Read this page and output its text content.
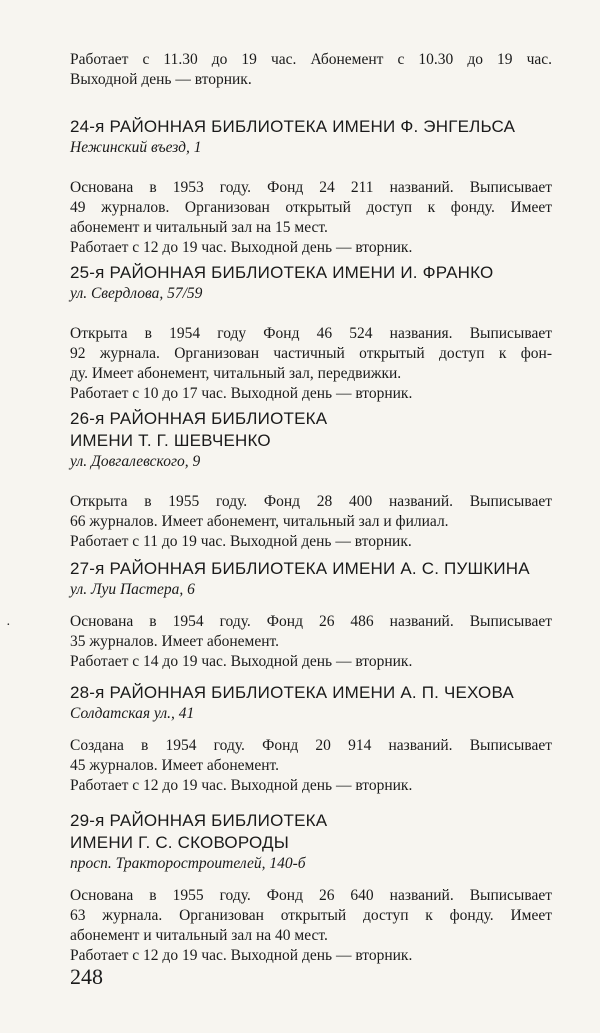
Работает с 11.30 до 19 час. Абонемент с 10.30 до 19 час.
Выходной день — вторник.

24-я РАЙОННАЯ БИБЛИОТЕКА ИМЕНИ Ф. ЭНГЕЛЬСА

Нежинский въезд, 1

Основана в 1953 году. Фонд 24 211 названий. Выписывает
49 журналов. Организован открытый доступ к фонду. Имеет
абонемент и читальный зал на 15 мест.
Работает с 12 до 19 час. Выходной день — вторник.

25-я РАЙОННАЯ БИБЛИОТЕКА ИМЕНИ И. ФРАНКО

ул. Свердлова, 57/59

Открыта в 1954 году Фонд 46 524 названия. Выписывает
92 журнала. Организован частичный открытый доступ к фон-
ду. Имеет абонемент, читальный зал, передвижки.
Работает с 10 до 17 час. Выходной день — вторник.

26-я РАЙОННАЯ БИБЛИОТЕКА
ИМЕНИ Т. Г. ШЕВЧЕНКО

ул. Довгалевского, 9

Открыта в 1955 году. Фонд 28 400 названий. Выписывает
66 журналов. Имеет абонемент, читальный зал и филиал.
Работает с 11 до 19 час. Выходной день — вторник.

27-я РАЙОННАЯ БИБЛИОТЕКА ИМЕНИ А. С. ПУШКИНА

ул. Луи Пастера, 6

Основана в 1954 году. Фонд 26 486 названий. Выписывает
35 журналов. Имеет абонемент.
Работает с 14 до 19 час. Выходной день — вторник.

28-я РАЙОННАЯ БИБЛИОТЕКА ИМЕНИ А. П. ЧЕХОВА

Солдатская ул., 41

Создана в 1954 году. Фонд 20 914 названий. Выписывает
45 журналов. Имеет абонемент.
Работает с 12 до 19 час. Выходной день — вторник.

29-я РАЙОННАЯ БИБЛИОТЕКА
ИМЕНИ Г. С. СКОВОРОДЫ

просп. Тракторостроителей, 140-б

Основана в 1955 году. Фонд 26 640 названий. Выписывает
63 журнала. Организован открытый доступ к фонду. Имеет
абонемент и читальный зал на 40 мест.
Работает с 12 до 19 час. Выходной день — вторник.

·
248
